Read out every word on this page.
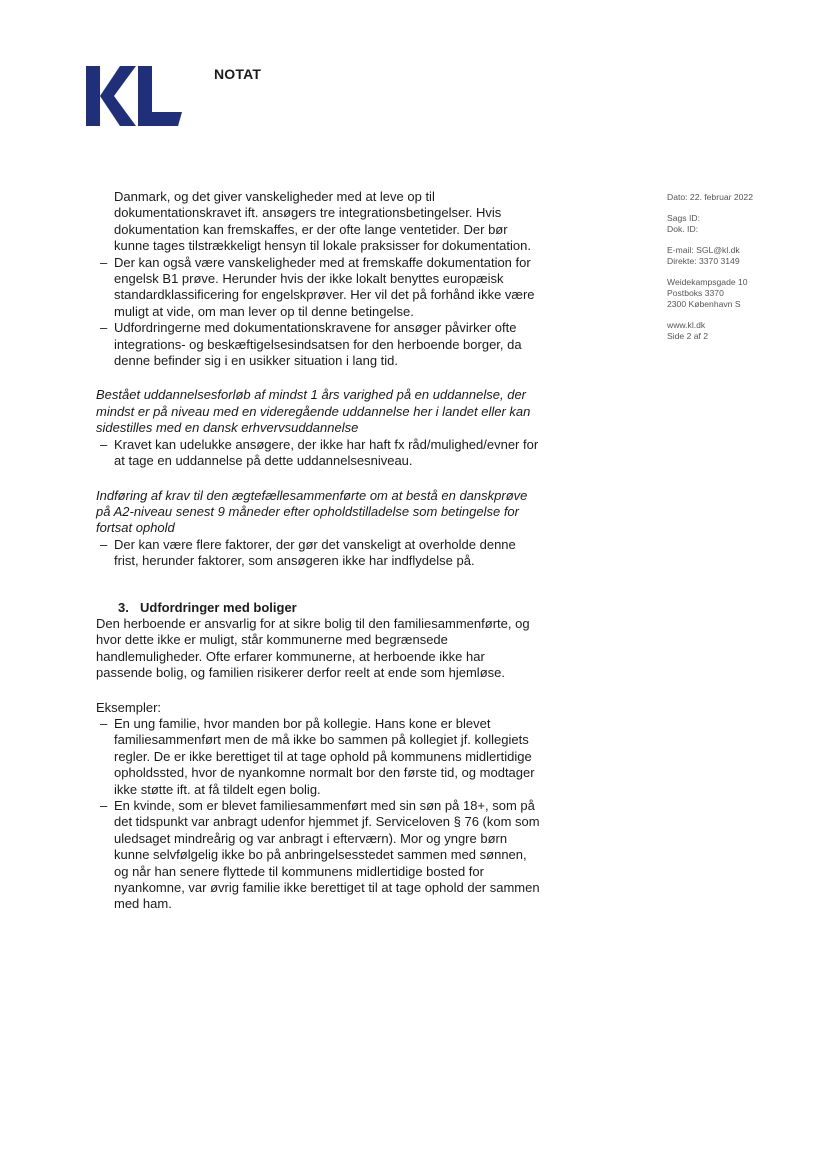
NOTAT
Dato: 22. februar 2022
Sags ID:
Dok. ID:
E-mail: SGL@kl.dk
Direkte: 3370 3149
Weidekampsgade 10
Postboks 3370
2300 København S
www.kl.dk
Side 2 af 2

Danmark, og det giver vanskeligheder med at leve op til

dokumentationskravet ift. ansøgers tre integrationsbetingelser. Hvis

dokumentation kan fremskaffes, er der ofte lange ventetider. Der bør

kunne tages tilstrækkeligt hensyn til lokale praksisser for dokumentation.

– Der kan også være vanskeligheder med at fremskaffe dokumentation for

engelsk B1 prøve. Herunder hvis der ikke lokalt benyttes europæisk

standardklassificering for engelskprøver. Her vil det på forhånd ikke være

muligt at vide, om man lever op til denne betingelse.

– Udfordringerne med dokumentationskravene for ansøger påvirker ofte

integrations- og beskæftigelsesindsatsen for den herboende borger, da

denne befinder sig i en usikker situation i lang tid.

Bestået uddannelsesforløb af mindst 1 års varighed på en uddannelse, der

mindst er på niveau med en videregående uddannelse her i landet eller kan

sidestilles med en dansk erhvervsuddannelse

– Kravet kan udelukke ansøgere, der ikke har haft fx råd/mulighed/evner for

at tage en uddannelse på dette uddannelsesniveau.

Indføring af krav til den ægtefællesammenførte om at bestå en danskprøve

på A2-niveau senest 9 måneder efter opholdstilladelse som betingelse for

fortsat ophold

– Der kan være flere faktorer, der gør det vanskeligt at overholde denne

frist, herunder faktorer, som ansøgeren ikke har indflydelse på.

3. Udfordringer med boliger

Den herboende er ansvarlig for at sikre bolig til den familiesammenførte, og

hvor dette ikke er muligt, står kommunerne med begrænsede

handlemuligheder. Ofte erfarer kommunerne, at herboende ikke har

passende bolig, og familien risikerer derfor reelt at ende som hjemløse.

Eksempler:

– En ung familie, hvor manden bor på kollegie. Hans kone er blevet

familiesammenført men de må ikke bo sammen på kollegiet jf. kollegiets

regler. De er ikke berettiget til at tage ophold på kommunens midlertidige

opholdssted, hvor de nyankomne normalt bor den første tid, og modtager

ikke støtte ift. at få tildelt egen bolig.

– En kvinde, som er blevet familiesammenført med sin søn på 18+, som på

det tidspunkt var anbragt udenfor hjemmet jf. Serviceloven § 76 (kom som

uledsaget mindreårig og var anbragt i efterværn). Mor og yngre børn

kunne selvfølgelig ikke bo på anbringelsesstedet sammen med sønnen,

og når han senere flyttede til kommunens midlertidige bosted for

nyankomne, var øvrig familie ikke berettiget til at tage ophold der sammen

med ham.
